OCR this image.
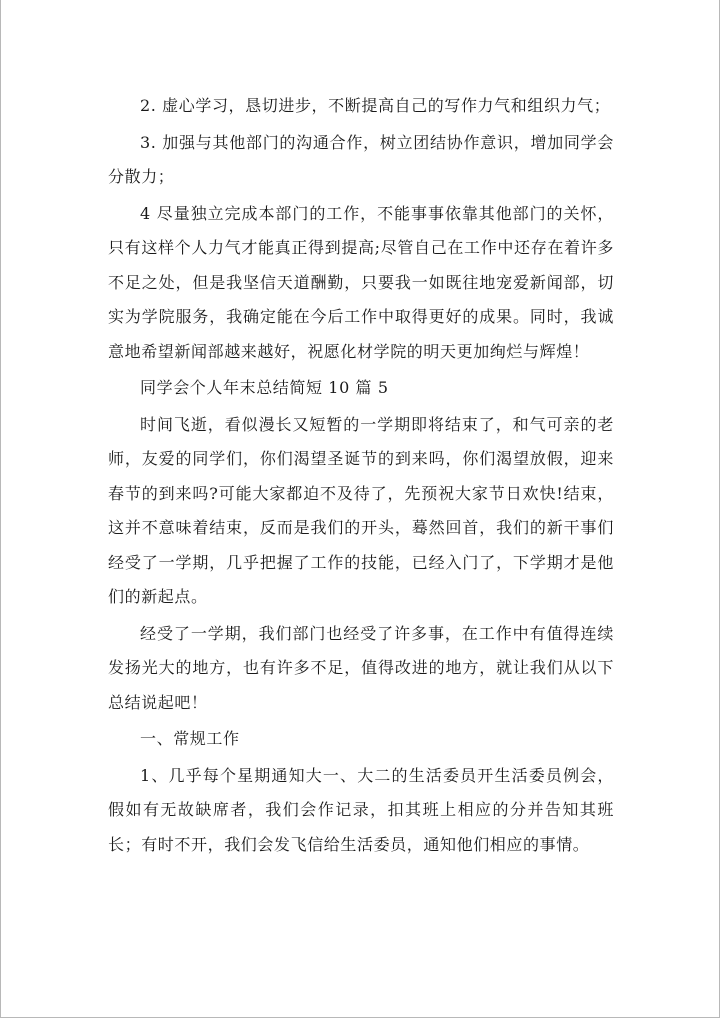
2. 虚心学习，恳切进步，不断提高自己的写作力气和组织力气；

3. 加强与其他部门的沟通合作，树立团结协作意识，增加同学会分散力；

4 尽量独立完成本部门的工作，不能事事依靠其他部门的关怀，只有这样个人力气才能真正得到提高;尽管自己在工作中还存在着许多不足之处，但是我坚信天道酬勤，只要我一如既往地宠爱新闻部，切实为学院服务，我确定能在今后工作中取得更好的成果。同时，我诚意地希望新闻部越来越好，祝愿化材学院的明天更加绚烂与辉煌！

同学会个人年末总结简短 10 篇 5

时间飞逝，看似漫长又短暂的一学期即将结束了，和气可亲的老师，友爱的同学们，你们渴望圣诞节的到来吗，你们渴望放假，迎来春节的到来吗?可能大家都迫不及待了，先预祝大家节日欢快!结束，这并不意味着结束，反而是我们的开头，蓦然回首，我们的新干事们经受了一学期，几乎把握了工作的技能，已经入门了，下学期才是他们的新起点。

经受了一学期，我们部门也经受了许多事，在工作中有值得连续发扬光大的地方，也有许多不足，值得改进的地方，就让我们从以下总结说起吧！

一、常规工作

1、几乎每个星期通知大一、大二的生活委员开生活委员例会，假如有无故缺席者，我们会作记录，扣其班上相应的分并告知其班长；有时不开，我们会发飞信给生活委员，通知他们相应的事情。
